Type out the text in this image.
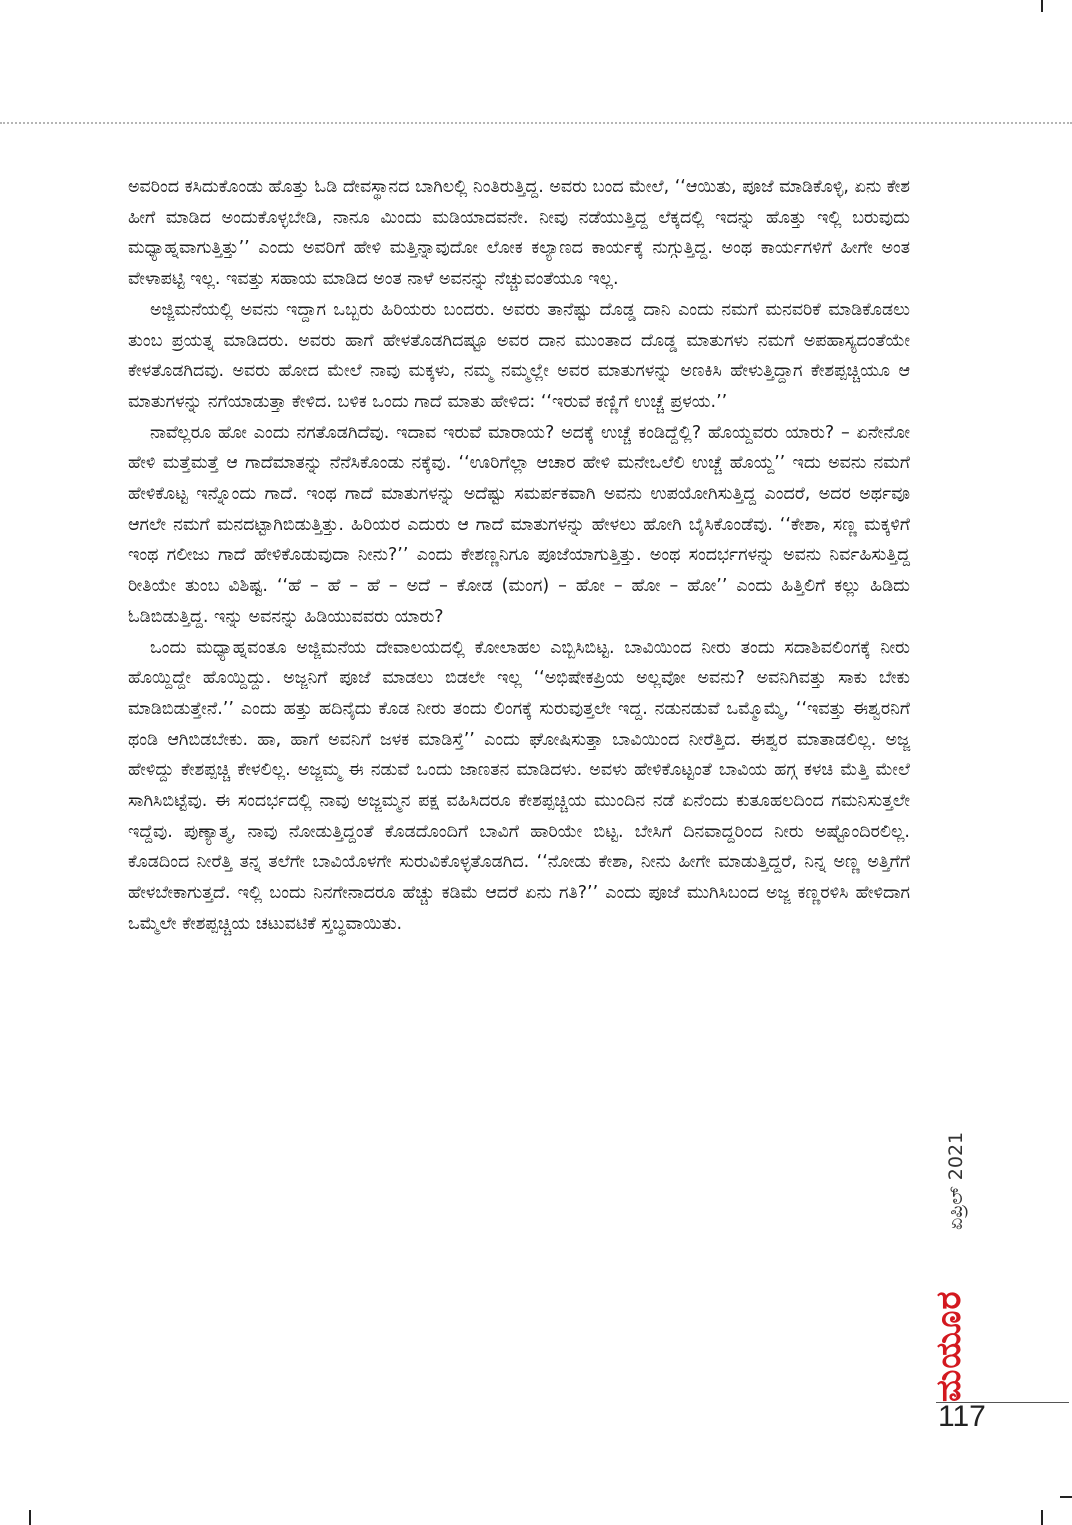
ಅವರಿಂದ ಕಸಿದುಕೊಂಡು ಹೊತ್ತು ಓಡಿ ದೇವಸ್ಥಾನದ ಬಾಗಿಲಲ್ಲಿ ನಿಂತಿರುತ್ತಿದ್ದ. ಅವರು ಬಂದ ಮೇಲೆ, ‘‘ಆಯಿತು, ಪೂಜೆ ಮಾಡಿಕೊಳ್ಳಿ, ಏನು ಕೇಶ ಹೀಗೆ ಮಾಡಿದ ಅಂದುಕೊಳ್ಳಬೇಡಿ, ನಾನೂ ಮಿಂದು ಮಡಿಯಾದವನೇ. ನೀವು ನಡೆಯುತ್ತಿದ್ದ ಲೆಕ್ಕದಲ್ಲಿ ಇದನ್ನು ಹೊತ್ತು ಇಲ್ಲಿ ಬರುವುದು ಮಧ್ಯಾಹ್ನವಾಗುತ್ತಿತ್ತು’’ ಎಂದು ಅವರಿಗೆ ಹೇಳಿ ಮತ್ತಿನ್ನಾವುದೋ ಲೋಕ ಕಲ್ಯಾಣದ ಕಾರ್ಯಕ್ಕೆ ನುಗ್ಗುತ್ತಿದ್ದ. ಅಂಥ ಕಾರ್ಯಗಳಿಗೆ ಹೀಗೇ ಅಂತ ವೇಳಾಪಟ್ಟಿ ಇಲ್ಲ. ಇವತ್ತು ಸಹಾಯ ಮಾಡಿದ ಅಂತ ನಾಳೆ ಅವನನ್ನು ನೆಚ್ಚುವಂತೆಯೂ ಇಲ್ಲ.

ಅಜ್ಜಿಮನೆಯಲ್ಲಿ ಅವನು ಇದ್ದಾಗ ಒಬ್ಬರು ಹಿರಿಯರು ಬಂದರು. ಅವರು ತಾನೆಷ್ಟು ದೊಡ್ಡ ದಾನಿ ಎಂದು ನಮಗೆ ಮನವರಿಕೆ ಮಾಡಿಕೊಡಲು ತುಂಬ ಪ್ರಯತ್ನ ಮಾಡಿದರು. ಅವರು ಹಾಗೆ ಹೇಳತೊಡಗಿದಷ್ಟೂ ಅವರ ದಾನ ಮುಂತಾದ ದೊಡ್ಡ ಮಾತುಗಳು ನಮಗೆ ಅಪಹಾಸ್ಯದಂತೆಯೇ ಕೇಳತೊಡಗಿದವು. ಅವರು ಹೋದ ಮೇಲೆ ನಾವು ಮಕ್ಕಳು, ನಮ್ಮ ನಮ್ಮಲ್ಲೇ ಅವರ ಮಾತುಗಳನ್ನು ಅಣಕಿಸಿ ಹೇಳುತ್ತಿದ್ದಾಗ ಕೇಶಪ್ಪಚ್ಚಿಯೂ ಆ ಮಾತುಗಳನ್ನು ನಗೆಯಾಡುತ್ತಾ ಕೇಳಿದ. ಬಳಿಕ ಒಂದು ಗಾದೆ ಮಾತು ಹೇಳಿದ: ‘‘ಇರುವೆ ಕಣ್ಣಿಗೆ ಉಚ್ಚೆ ಪ್ರಳಯ.’’

ನಾವೆಲ್ಲರೂ ಹೋ ಎಂದು ನಗತೊಡಗಿದೆವು. ಇದಾವ ಇರುವೆ ಮಾರಾಯ? ಅದಕ್ಕೆ ಉಚ್ಚೆ ಕಂಡಿದ್ದೆಲ್ಲಿ? ಹೊಯ್ದವರು ಯಾರು? – ಏನೇನೋ ಹೇಳಿ ಮತ್ತೆಮತ್ತೆ ಆ ಗಾದೆಮಾತನ್ನು ನೆನೆಸಿಕೊಂಡು ನಕ್ಕೆವು. ‘‘ಊರಿಗೆಲ್ಲಾ ಆಚಾರ ಹೇಳಿ ಮನೇಒಲೆಲಿ ಉಚ್ಚೆ ಹೊಯ್ದ’’ ಇದು ಅವನು ನಮಗೆ ಹೇಳಿಕೊಟ್ಟ ಇನ್ನೊಂದು ಗಾದೆ. ಇಂಥ ಗಾದೆ ಮಾತುಗಳನ್ನು ಅದೆಷ್ಟು ಸಮರ್ಪಕವಾಗಿ ಅವನು ಉಪಯೋಗಿಸುತ್ತಿದ್ದ ಎಂದರೆ, ಅದರ ಅರ್ಥವೂ ಆಗಲೇ ನಮಗೆ ಮನದಟ್ಟಾಗಿಬಿಡುತ್ತಿತ್ತು. ಹಿರಿಯರ ಎದುರು ಆ ಗಾದೆ ಮಾತುಗಳನ್ನು ಹೇಳಲು ಹೋಗಿ ಬೈಸಿಕೊಂಡೆವು. ‘‘ಕೇಶಾ, ಸಣ್ಣ ಮಕ್ಕಳಿಗೆ ಇಂಥ ಗಲೀಜು ಗಾದೆ ಹೇಳಿಕೊಡುವುದಾ ನೀನು?’’ ಎಂದು ಕೇಶಣ್ಣನಿಗೂ ಪೂಜೆಯಾಗುತ್ತಿತ್ತು. ಅಂಥ ಸಂದರ್ಭಗಳನ್ನು ಅವನು ನಿರ್ವಹಿಸುತ್ತಿದ್ದ ರೀತಿಯೇ ತುಂಬ ವಿಶಿಷ್ಟ. ‘‘ಹೆ – ಹೆ – ಹೆ – ಅದೆ – ಕೋಡ (ಮಂಗ) – ಹೋ – ಹೋ – ಹೋ’’ ಎಂದು ಹಿತ್ತಿಲಿಗೆ ಕಲ್ಲು ಹಿಡಿದು ಓಡಿಬಿಡುತ್ತಿದ್ದ. ಇನ್ನು ಅವನನ್ನು ಹಿಡಿಯುವವರು ಯಾರು?

ಒಂದು ಮಧ್ಯಾಹ್ನವಂತೂ ಅಜ್ಜಿಮನೆಯ ದೇವಾಲಯದಲ್ಲಿ ಕೋಲಾಹಲ ಎಬ್ಬಿಸಿಬಿಟ್ಟ. ಬಾವಿಯಿಂದ ನೀರು ತಂದು ಸದಾಶಿವಲಿಂಗಕ್ಕೆ ನೀರು ಹೊಯ್ದಿದ್ದೇ ಹೊಯ್ದಿದ್ದು. ಅಜ್ಜನಿಗೆ ಪೂಜೆ ಮಾಡಲು ಬಿಡಲೇ ಇಲ್ಲ ‘‘ಅಭಿಷೇಕಪ್ರಿಯ ಅಲ್ಲವೋ ಅವನು? ಅವನಿಗಿವತ್ತು ಸಾಕು ಬೇಕು ಮಾಡಿಬಿಡುತ್ತೇನೆ.’’ ಎಂದು ಹತ್ತು ಹದಿನೈದು ಕೊಡ ನೀರು ತಂದು ಲಿಂಗಕ್ಕೆ ಸುರುವುತ್ತಲೇ ಇದ್ದ. ನಡುನಡುವೆ ಒಮ್ಮೊಮ್ಮೆ, ‘‘ಇವತ್ತು ಈಶ್ವರನಿಗೆ ಥಂಡಿ ಆಗಿಬಿಡಬೇಕು. ಹಾ, ಹಾಗೆ ಅವನಿಗೆ ಜಳಕ ಮಾಡಿಸ್ತೆ’’ ಎಂದು ಘೋಷಿಸುತ್ತಾ ಬಾವಿಯಿಂದ ನೀರೆತ್ತಿದ. ಈಶ್ವರ ಮಾತಾಡಲಿಲ್ಲ. ಅಜ್ಜ ಹೇಳಿದ್ದು ಕೇಶಪ್ಪಚ್ಚಿ ಕೇಳಲಿಲ್ಲ. ಅಜ್ಜಮ್ಮ ಈ ನಡುವೆ ಒಂದು ಜಾಣತನ ಮಾಡಿದಳು. ಅವಳು ಹೇಳಿಕೊಟ್ಟಂತೆ ಬಾವಿಯ ಹಗ್ಗ ಕಳಚಿ ಮೆತ್ತಿ ಮೇಲೆ ಸಾಗಿಸಿಬಿಟ್ಟೆವು. ಈ ಸಂದರ್ಭದಲ್ಲಿ ನಾವು ಅಜ್ಜಮ್ಮನ ಪಕ್ಷ ವಹಿಸಿದರೂ ಕೇಶಪ್ಪಚ್ಚಿಯ ಮುಂದಿನ ನಡೆ ಏನೆಂದು ಕುತೂಹಲದಿಂದ ಗಮನಿಸುತ್ತಲೇ ಇದ್ದೆವು. ಪುಣ್ಯಾತ್ಮ, ನಾವು ನೋಡುತ್ತಿದ್ದಂತೆ ಕೊಡದೊಂದಿಗೆ ಬಾವಿಗೆ ಹಾರಿಯೇ ಬಿಟ್ಟ. ಬೇಸಿಗೆ ದಿನವಾದ್ದರಿಂದ ನೀರು ಅಷ್ಟೊಂದಿರಲಿಲ್ಲ. ಕೊಡದಿಂದ ನೀರೆತ್ತಿ ತನ್ನ ತಲೆಗೇ ಬಾವಿಯೊಳಗೇ ಸುರುವಿಕೊಳ್ಳತೊಡಗಿದ. ‘‘ನೋಡು ಕೇಶಾ, ನೀನು ಹೀಗೇ ಮಾಡುತ್ತಿದ್ದರೆ, ನಿನ್ನ ಅಣ್ಣ ಅತ್ತಿಗೆಗೆ ಹೇಳಬೇಕಾಗುತ್ತದೆ. ಇಲ್ಲಿ ಬಂದು ನಿನಗೇನಾದರೂ ಹೆಚ್ಚು ಕಡಿಮೆ ಆದರೆ ಏನು ಗತಿ?’’ ಎಂದು ಪೂಜೆ ಮುಗಿಸಿಬಂದ ಅಜ್ಜ ಕಣ್ಣರಳಿಸಿ ಹೇಳಿದಾಗ ಒಮ್ಮೆಲೇ ಕೇಶಪ್ಪಚ್ಚಿಯ ಚಟುವಟಿಕೆ ಸ್ತಬ್ಧವಾಯಿತು.

ಏಪ್ರಿಲ್ 2021
ಮಯೂರ
117
